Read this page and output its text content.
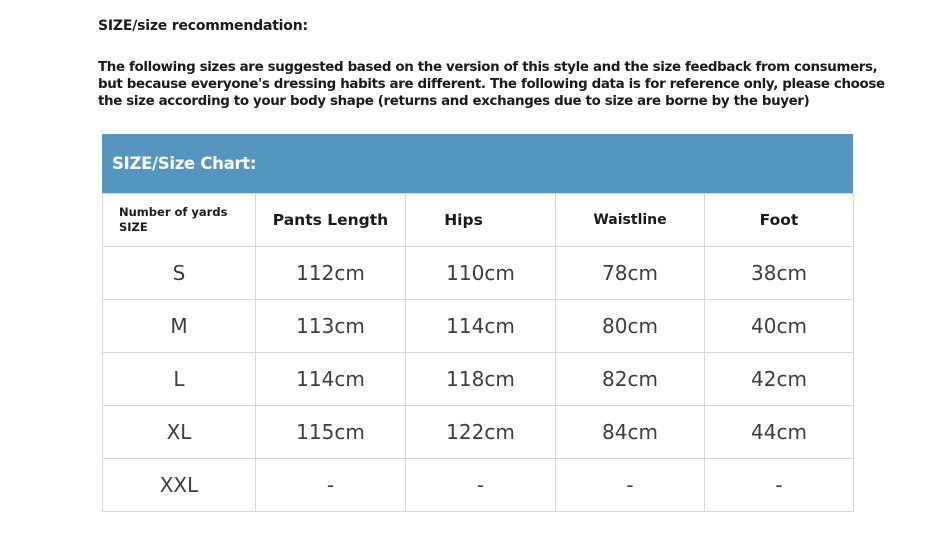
SIZE/size recommendation:
The following sizes are suggested based on the version of this style and the size feedback from consumers,
but because everyone's dressing habits are different. The following data is for reference only, please choose
the size according to your body shape (returns and exchanges due to size are borne by the buyer)
SIZE/Size Chart:
Number of yards
SIZE	Pants Length	Hips	Waistline	Foot
S	112cm	110cm	78cm	38cm
M	113cm	114cm	80cm	40cm
L	114cm	118cm	82cm	42cm
XL	115cm	122cm	84cm	44cm
XXL	-	-	-	-
